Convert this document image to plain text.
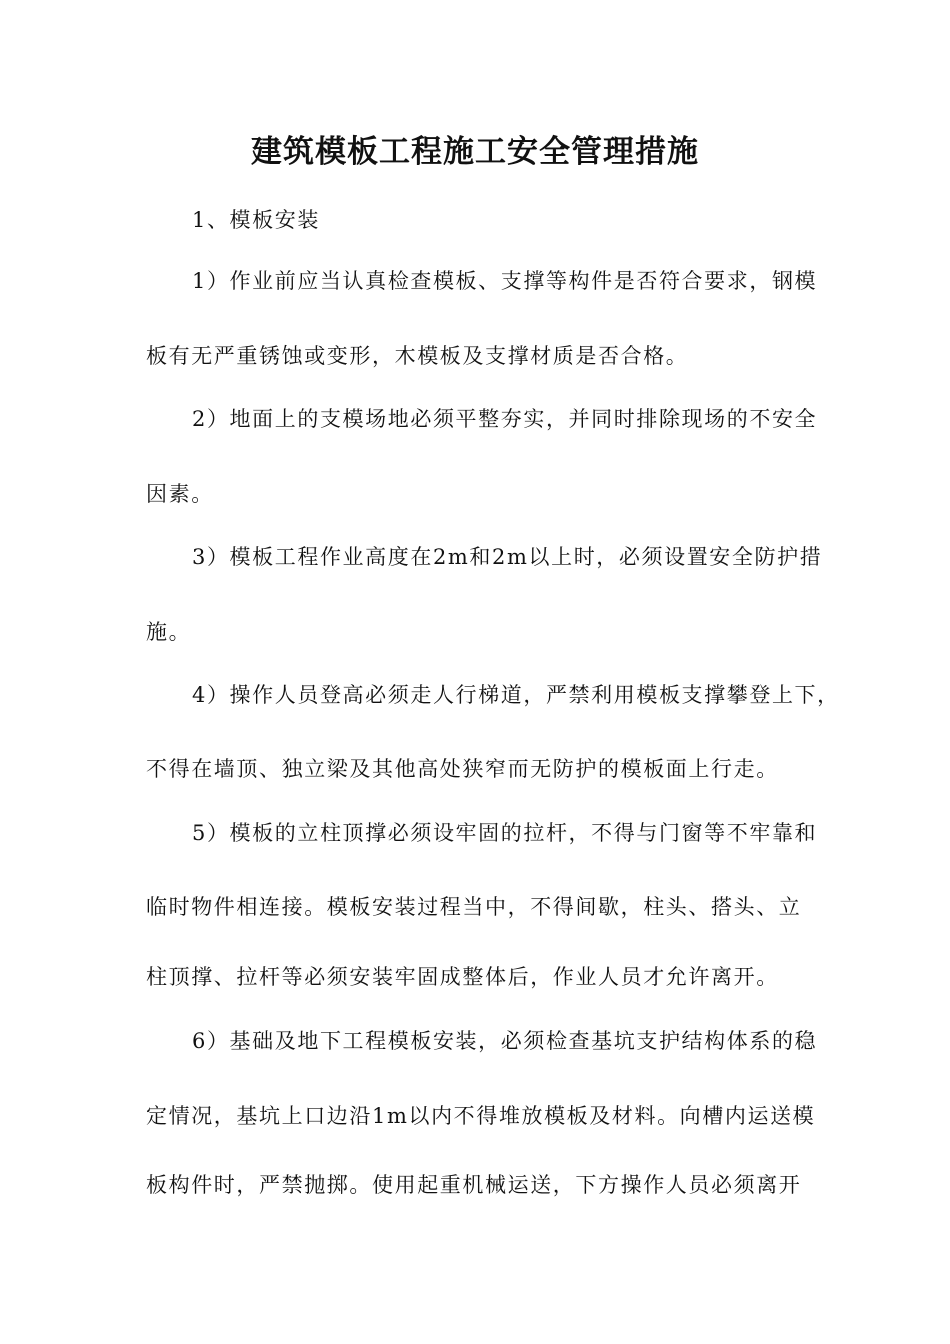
建筑模板工程施工安全管理措施

1、模板安装

1）作业前应当认真检查模板、支撑等构件是否符合要求，钢模

板有无严重锈蚀或变形，木模板及支撑材质是否合格。

2）地面上的支模场地必须平整夯实，并同时排除现场的不安全

因素。

3）模板工程作业高度在2m和2m以上时，必须设置安全防护措

施。

4）操作人员登高必须走人行梯道，严禁利用模板支撑攀登上下，

不得在墙顶、独立梁及其他高处狭窄而无防护的模板面上行走。

5）模板的立柱顶撑必须设牢固的拉杆，不得与门窗等不牢靠和

临时物件相连接。模板安装过程当中，不得间歇，柱头、搭头、立

柱顶撑、拉杆等必须安装牢固成整体后，作业人员才允许离开。

6）基础及地下工程模板安装，必须检查基坑支护结构体系的稳

定情况，基坑上口边沿1m以内不得堆放模板及材料。向槽内运送模

板构件时，严禁抛掷。使用起重机械运送，下方操作人员必须离开
